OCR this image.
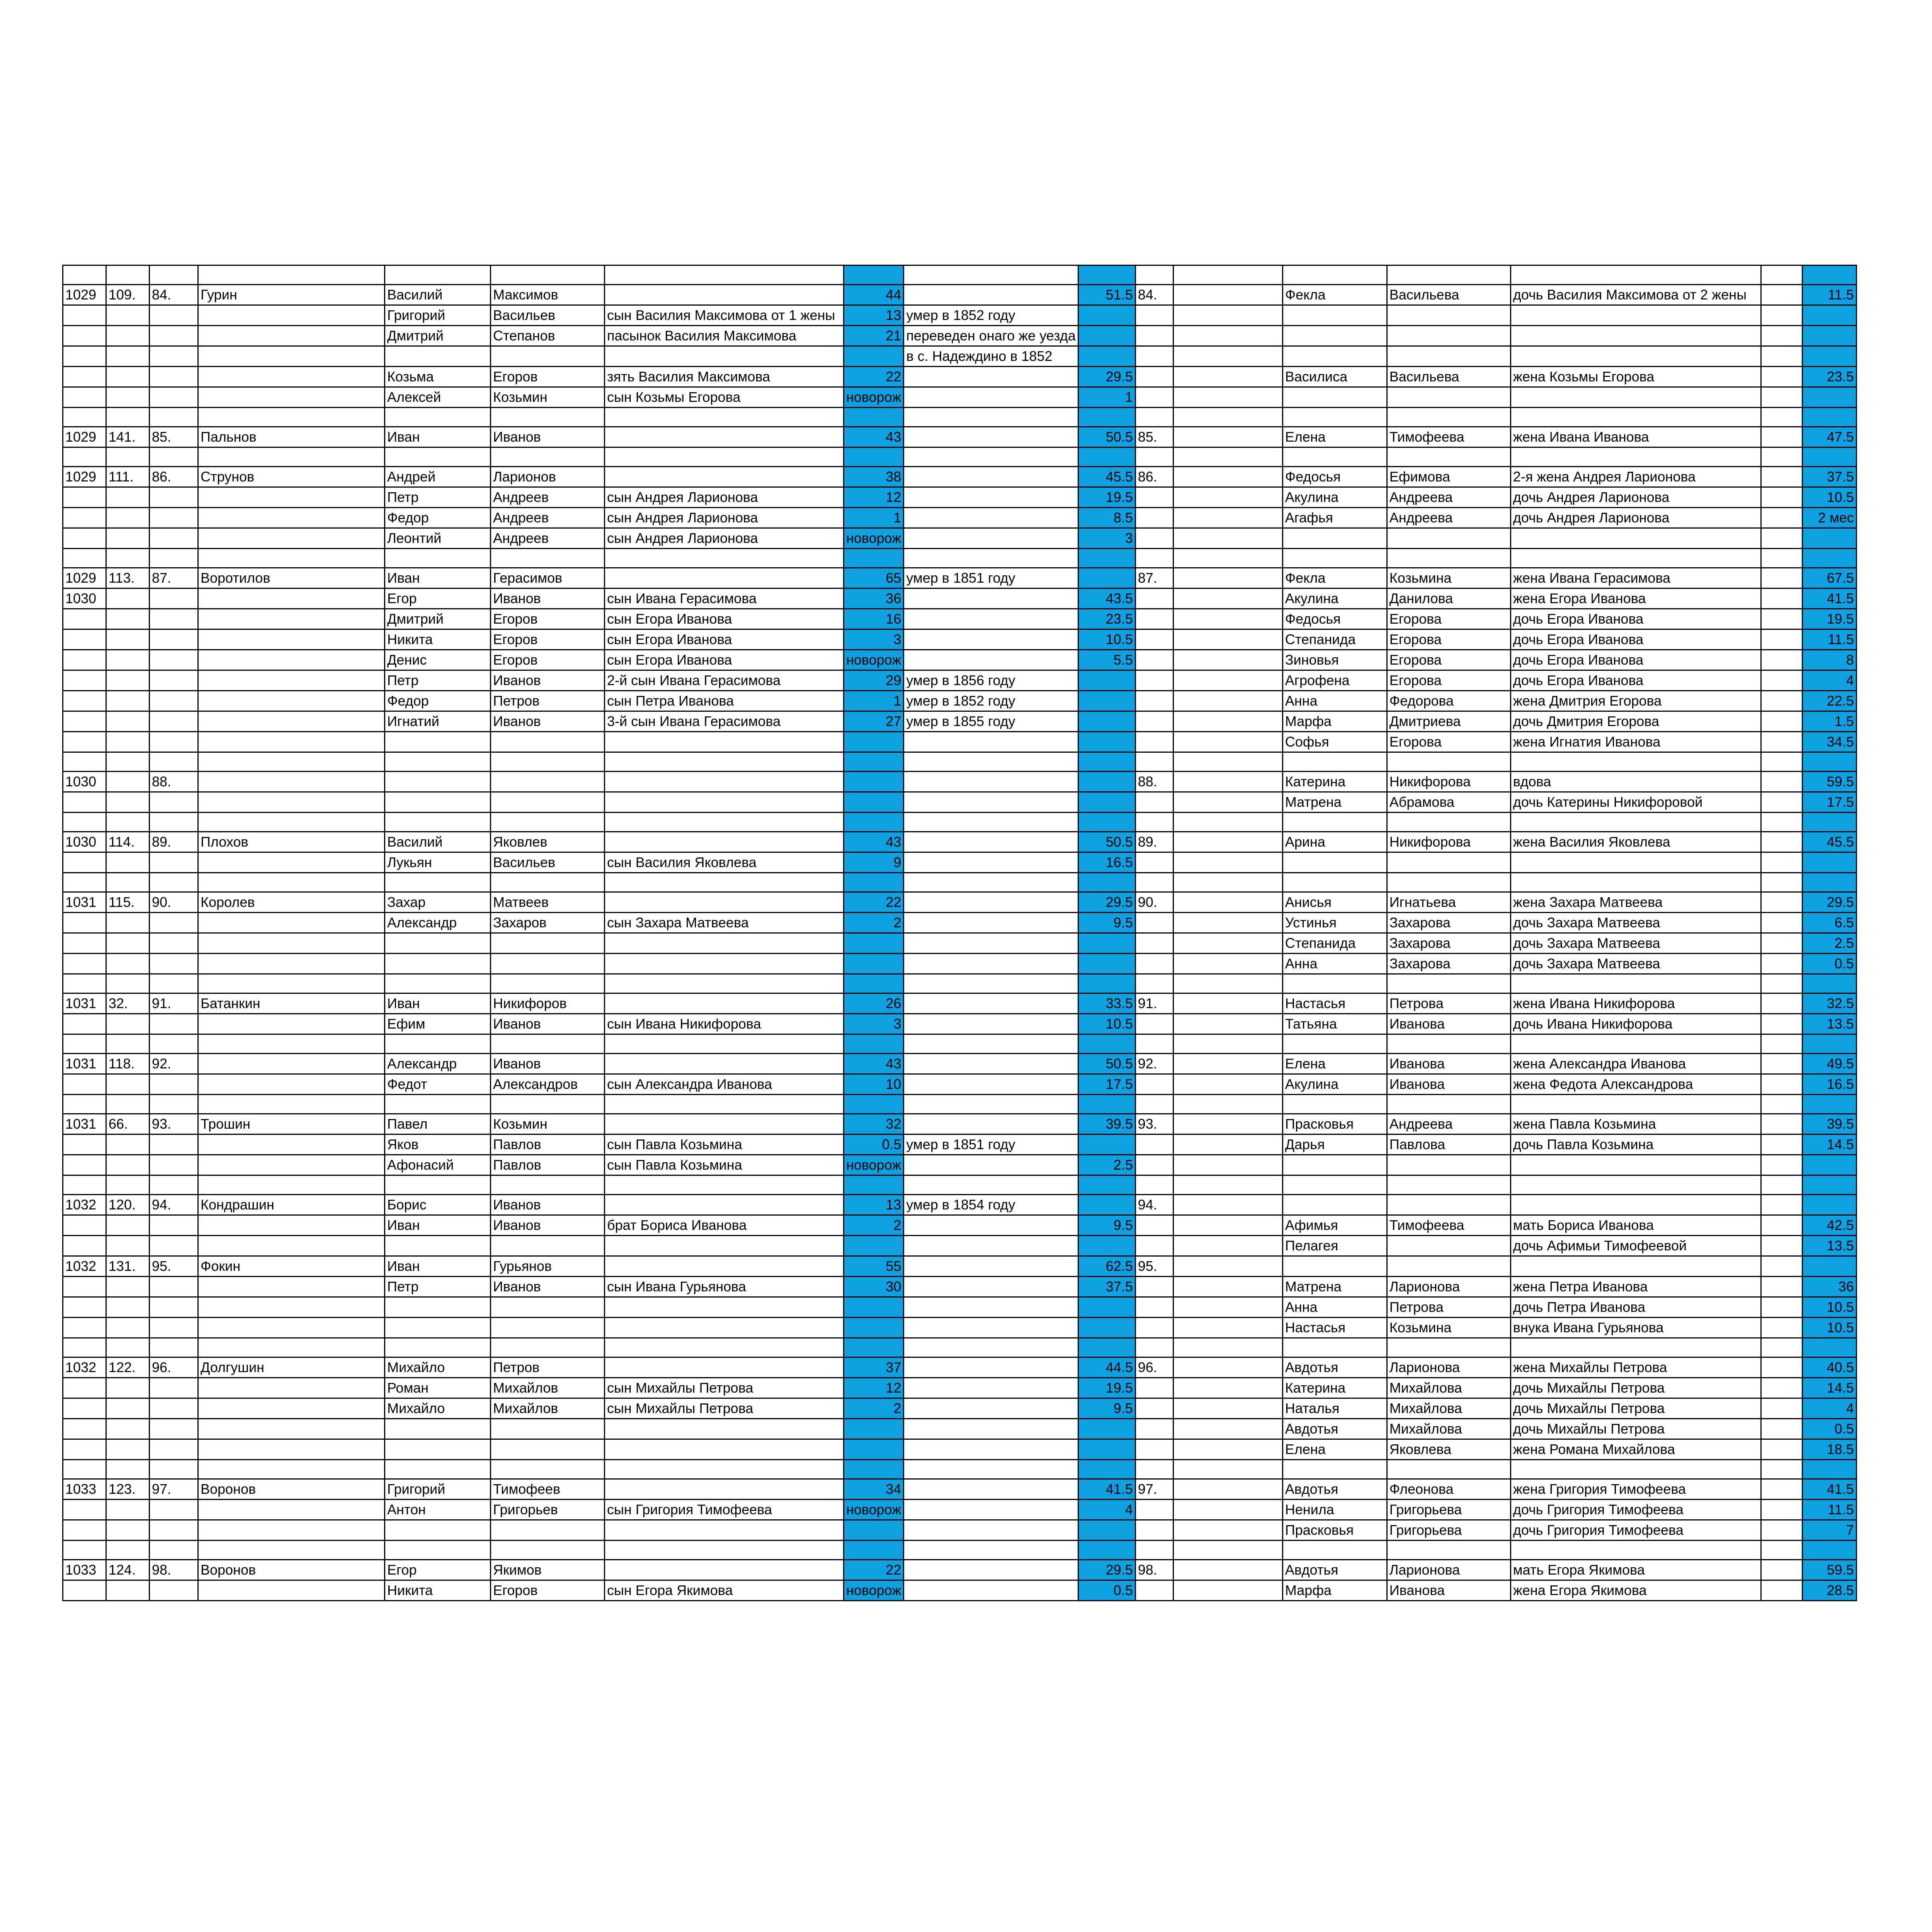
1029	109.	84.	Гурин	Василий	Максимов		44		51.5	84.		Фекла	Васильева	дочь Василия Максимова от 2 жены		11.5
				Григорий	Васильев	сын Василия Максимова от 1 жены	13	умер в 1852 году								
				Дмитрий	Степанов	пасынок Василия Максимова	21	переведен онаго же уезда								
								в с. Надеждино в 1852								
				Козьма	Егоров	зять Василия Максимова	22		29.5			Василиса	Васильева	жена Козьмы Егорова		23.5
				Алексей	Козьмин	сын Козьмы Егорова	новорож		1							

1029	141.	85.	Пальнов	Иван	Иванов		43		50.5	85.		Елена	Тимофеева	жена Ивана Иванова		47.5

1029	111.	86.	Струнов	Андрей	Ларионов		38		45.5	86.		Федосья	Ефимова	2-я жена Андрея Ларионова		37.5
				Петр	Андреев	сын Андрея Ларионова	12		19.5			Акулина	Андреева	дочь Андрея Ларионова		10.5
				Федор	Андреев	сын Андрея Ларионова	1		8.5			Агафья	Андреева	дочь Андрея Ларионова		2 мес
				Леонтий	Андреев	сын Андрея Ларионова	новорож		3							

1029	113.	87.	Воротилов	Иван	Герасимов		65	умер в 1851 году		87.		Фекла	Козьмина	жена Ивана Герасимова		67.5
1030				Егор	Иванов	сын Ивана Герасимова	36		43.5			Акулина	Данилова	жена Егора Иванова		41.5
				Дмитрий	Егоров	сын Егора Иванова	16		23.5			Федосья	Егорова	дочь Егора Иванова		19.5
				Никита	Егоров	сын Егора Иванова	3		10.5			Степанида	Егорова	дочь Егора Иванова		11.5
				Денис	Егоров	сын Егора Иванова	новорож		5.5			Зиновья	Егорова	дочь Егора Иванова		8
				Петр	Иванов	2-й сын Ивана Герасимова	29	умер в 1856 году				Агрофена	Егорова	дочь Егора Иванова		4
				Федор	Петров	сын Петра Иванова	1	умер в 1852 году				Анна	Федорова	жена Дмитрия Егорова		22.5
				Игнатий	Иванов	3-й сын Ивана Герасимова	27	умер в 1855 году				Марфа	Дмитриева	дочь Дмитрия Егорова		1.5
												Софья	Егорова	жена Игнатия Иванова		34.5

1030		88.								88.		Катерина	Никифорова	вдова		59.5
												Матрена	Абрамова	дочь Катерины Никифоровой		17.5

1030	114.	89.	Плохов	Василий	Яковлев		43		50.5	89.		Арина	Никифорова	жена Василия Яковлева		45.5
				Лукьян	Васильев	сын Василия Яковлева	9		16.5							

1031	115.	90.	Королев	Захар	Матвеев		22		29.5	90.		Анисья	Игнатьева	жена Захара Матвеева		29.5
				Александр	Захаров	сын Захара Матвеева	2		9.5			Устинья	Захарова	дочь Захара Матвеева		6.5
												Степанида	Захарова	дочь Захара Матвеева		2.5
												Анна	Захарова	дочь Захара Матвеева		0.5

1031	32.	91.	Батанкин	Иван	Никифоров		26		33.5	91.		Настасья	Петрова	жена Ивана Никифорова		32.5
				Ефим	Иванов	сын Ивана Никифорова	3		10.5			Татьяна	Иванова	дочь Ивана Никифорова		13.5

1031	118.	92.		Александр	Иванов		43		50.5	92.		Елена	Иванова	жена Александра Иванова		49.5
				Федот	Александров	сын Александра Иванова	10		17.5			Акулина	Иванова	жена Федота Александрова		16.5

1031	66.	93.	Трошин	Павел	Козьмин		32		39.5	93.		Прасковья	Андреева	жена Павла Козьмина		39.5
				Яков	Павлов	сын Павла Козьмина	0.5	умер в 1851 году				Дарья	Павлова	дочь Павла Козьмина		14.5
				Афонасий	Павлов	сын Павла Козьмина	новорож		2.5							

1032	120.	94.	Кондрашин	Борис	Иванов		13	умер в 1854 году		94.						
				Иван	Иванов	брат Бориса Иванова	2		9.5			Афимья	Тимофеева	мать Бориса Иванова		42.5
												Пелагея		дочь Афимьи Тимофеевой		13.5
1032	131.	95.	Фокин	Иван	Гурьянов		55		62.5	95.						
				Петр	Иванов	сын Ивана Гурьянова	30		37.5			Матрена	Ларионова	жена Петра Иванова		36
												Анна	Петрова	дочь Петра Иванова		10.5
												Настасья	Козьмина	внука Ивана Гурьянова		10.5

1032	122.	96.	Долгушин	Михайло	Петров		37		44.5	96.		Авдотья	Ларионова	жена Михайлы Петрова		40.5
				Роман	Михайлов	сын Михайлы Петрова	12		19.5			Катерина	Михайлова	дочь Михайлы Петрова		14.5
				Михайло	Михайлов	сын Михайлы Петрова	2		9.5			Наталья	Михайлова	дочь Михайлы Петрова		4
												Авдотья	Михайлова	дочь Михайлы Петрова		0.5
												Елена	Яковлева	жена Романа Михайлова		18.5

1033	123.	97.	Воронов	Григорий	Тимофеев		34		41.5	97.		Авдотья	Флеонова	жена Григория Тимофеева		41.5
				Антон	Григорьев	сын Григория Тимофеева	новорож		4			Ненила	Григорьева	дочь Григория Тимофеева		11.5
												Прасковья	Григорьева	дочь Григория Тимофеева		7

1033	124.	98.	Воронов	Егор	Якимов		22		29.5	98.		Авдотья	Ларионова	мать Егора Якимова		59.5
				Никита	Егоров	сын Егора Якимова	новорож		0.5			Марфа	Иванова	жена Егора Якимова		28.5
